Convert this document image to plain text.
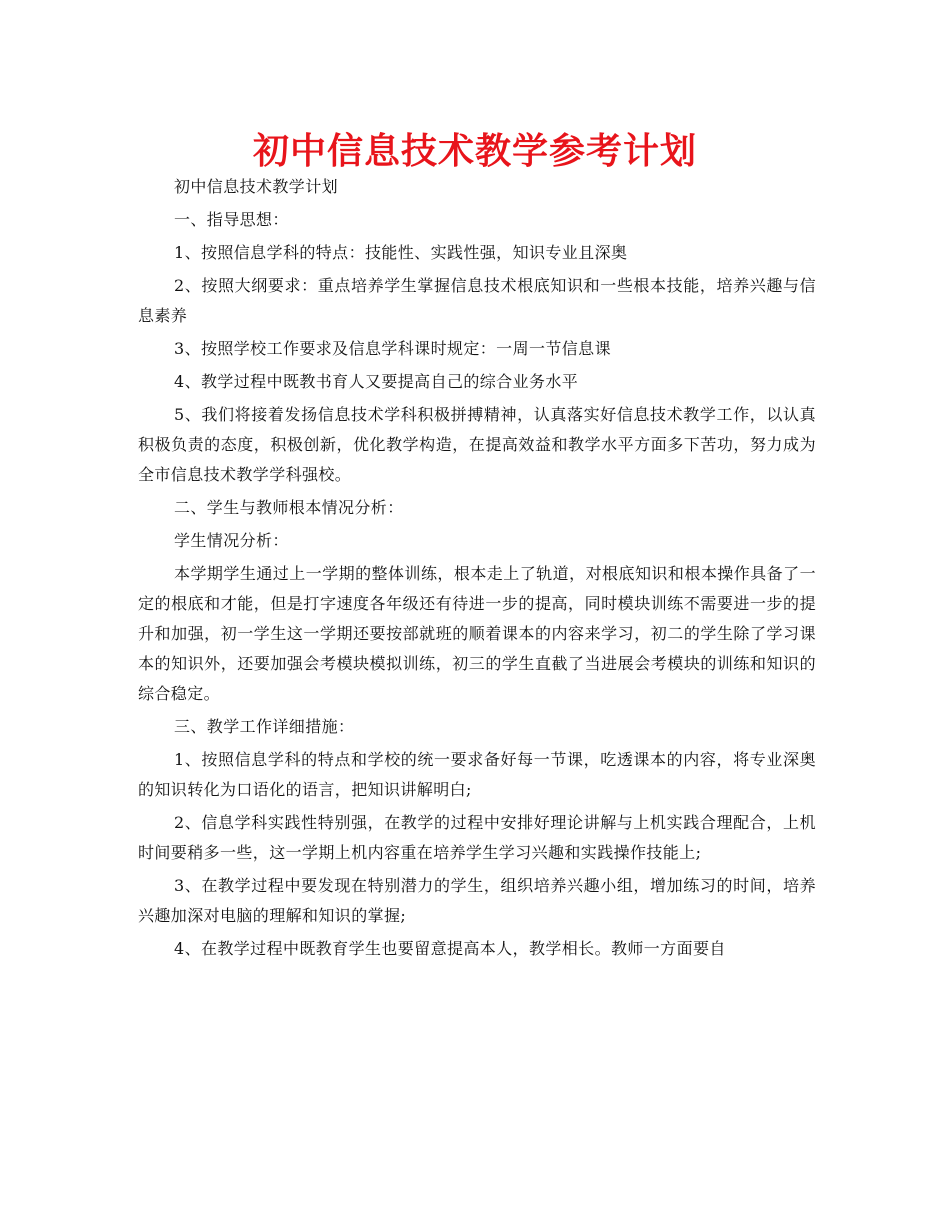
初中信息技术教学参考计划

初中信息技术教学计划

一、指导思想：

1、按照信息学科的特点：技能性、实践性强，知识专业且深奥

2、按照大纲要求：重点培养学生掌握信息技术根底知识和一些根本技能，培养兴趣与信息素养

3、按照学校工作要求及信息学科课时规定：一周一节信息课

4、教学过程中既教书育人又要提高自己的综合业务水平

5、我们将接着发扬信息技术学科积极拼搏精神，认真落实好信息技术教学工作，以认真积极负责的态度，积极创新，优化教学构造，在提高效益和教学水平方面多下苦功，努力成为全市信息技术教学学科强校。

二、学生与教师根本情况分析：

学生情况分析：

本学期学生通过上一学期的整体训练，根本走上了轨道，对根底知识和根本操作具备了一定的根底和才能，但是打字速度各年级还有待进一步的提高，同时模块训练不需要进一步的提升和加强，初一学生这一学期还要按部就班的顺着课本的内容来学习，初二的学生除了学习课本的知识外，还要加强会考模块模拟训练，初三的学生直截了当进展会考模块的训练和知识的综合稳定。

三、教学工作详细措施：

1、按照信息学科的特点和学校的统一要求备好每一节课，吃透课本的内容，将专业深奥的知识转化为口语化的语言，把知识讲解明白;

2、信息学科实践性特别强，在教学的过程中安排好理论讲解与上机实践合理配合，上机时间要稍多一些，这一学期上机内容重在培养学生学习兴趣和实践操作技能上;

3、在教学过程中要发现在特别潜力的学生，组织培养兴趣小组，增加练习的时间，培养兴趣加深对电脑的理解和知识的掌握;

4、在教学过程中既教育学生也要留意提高本人，教学相长。教师一方面要自
